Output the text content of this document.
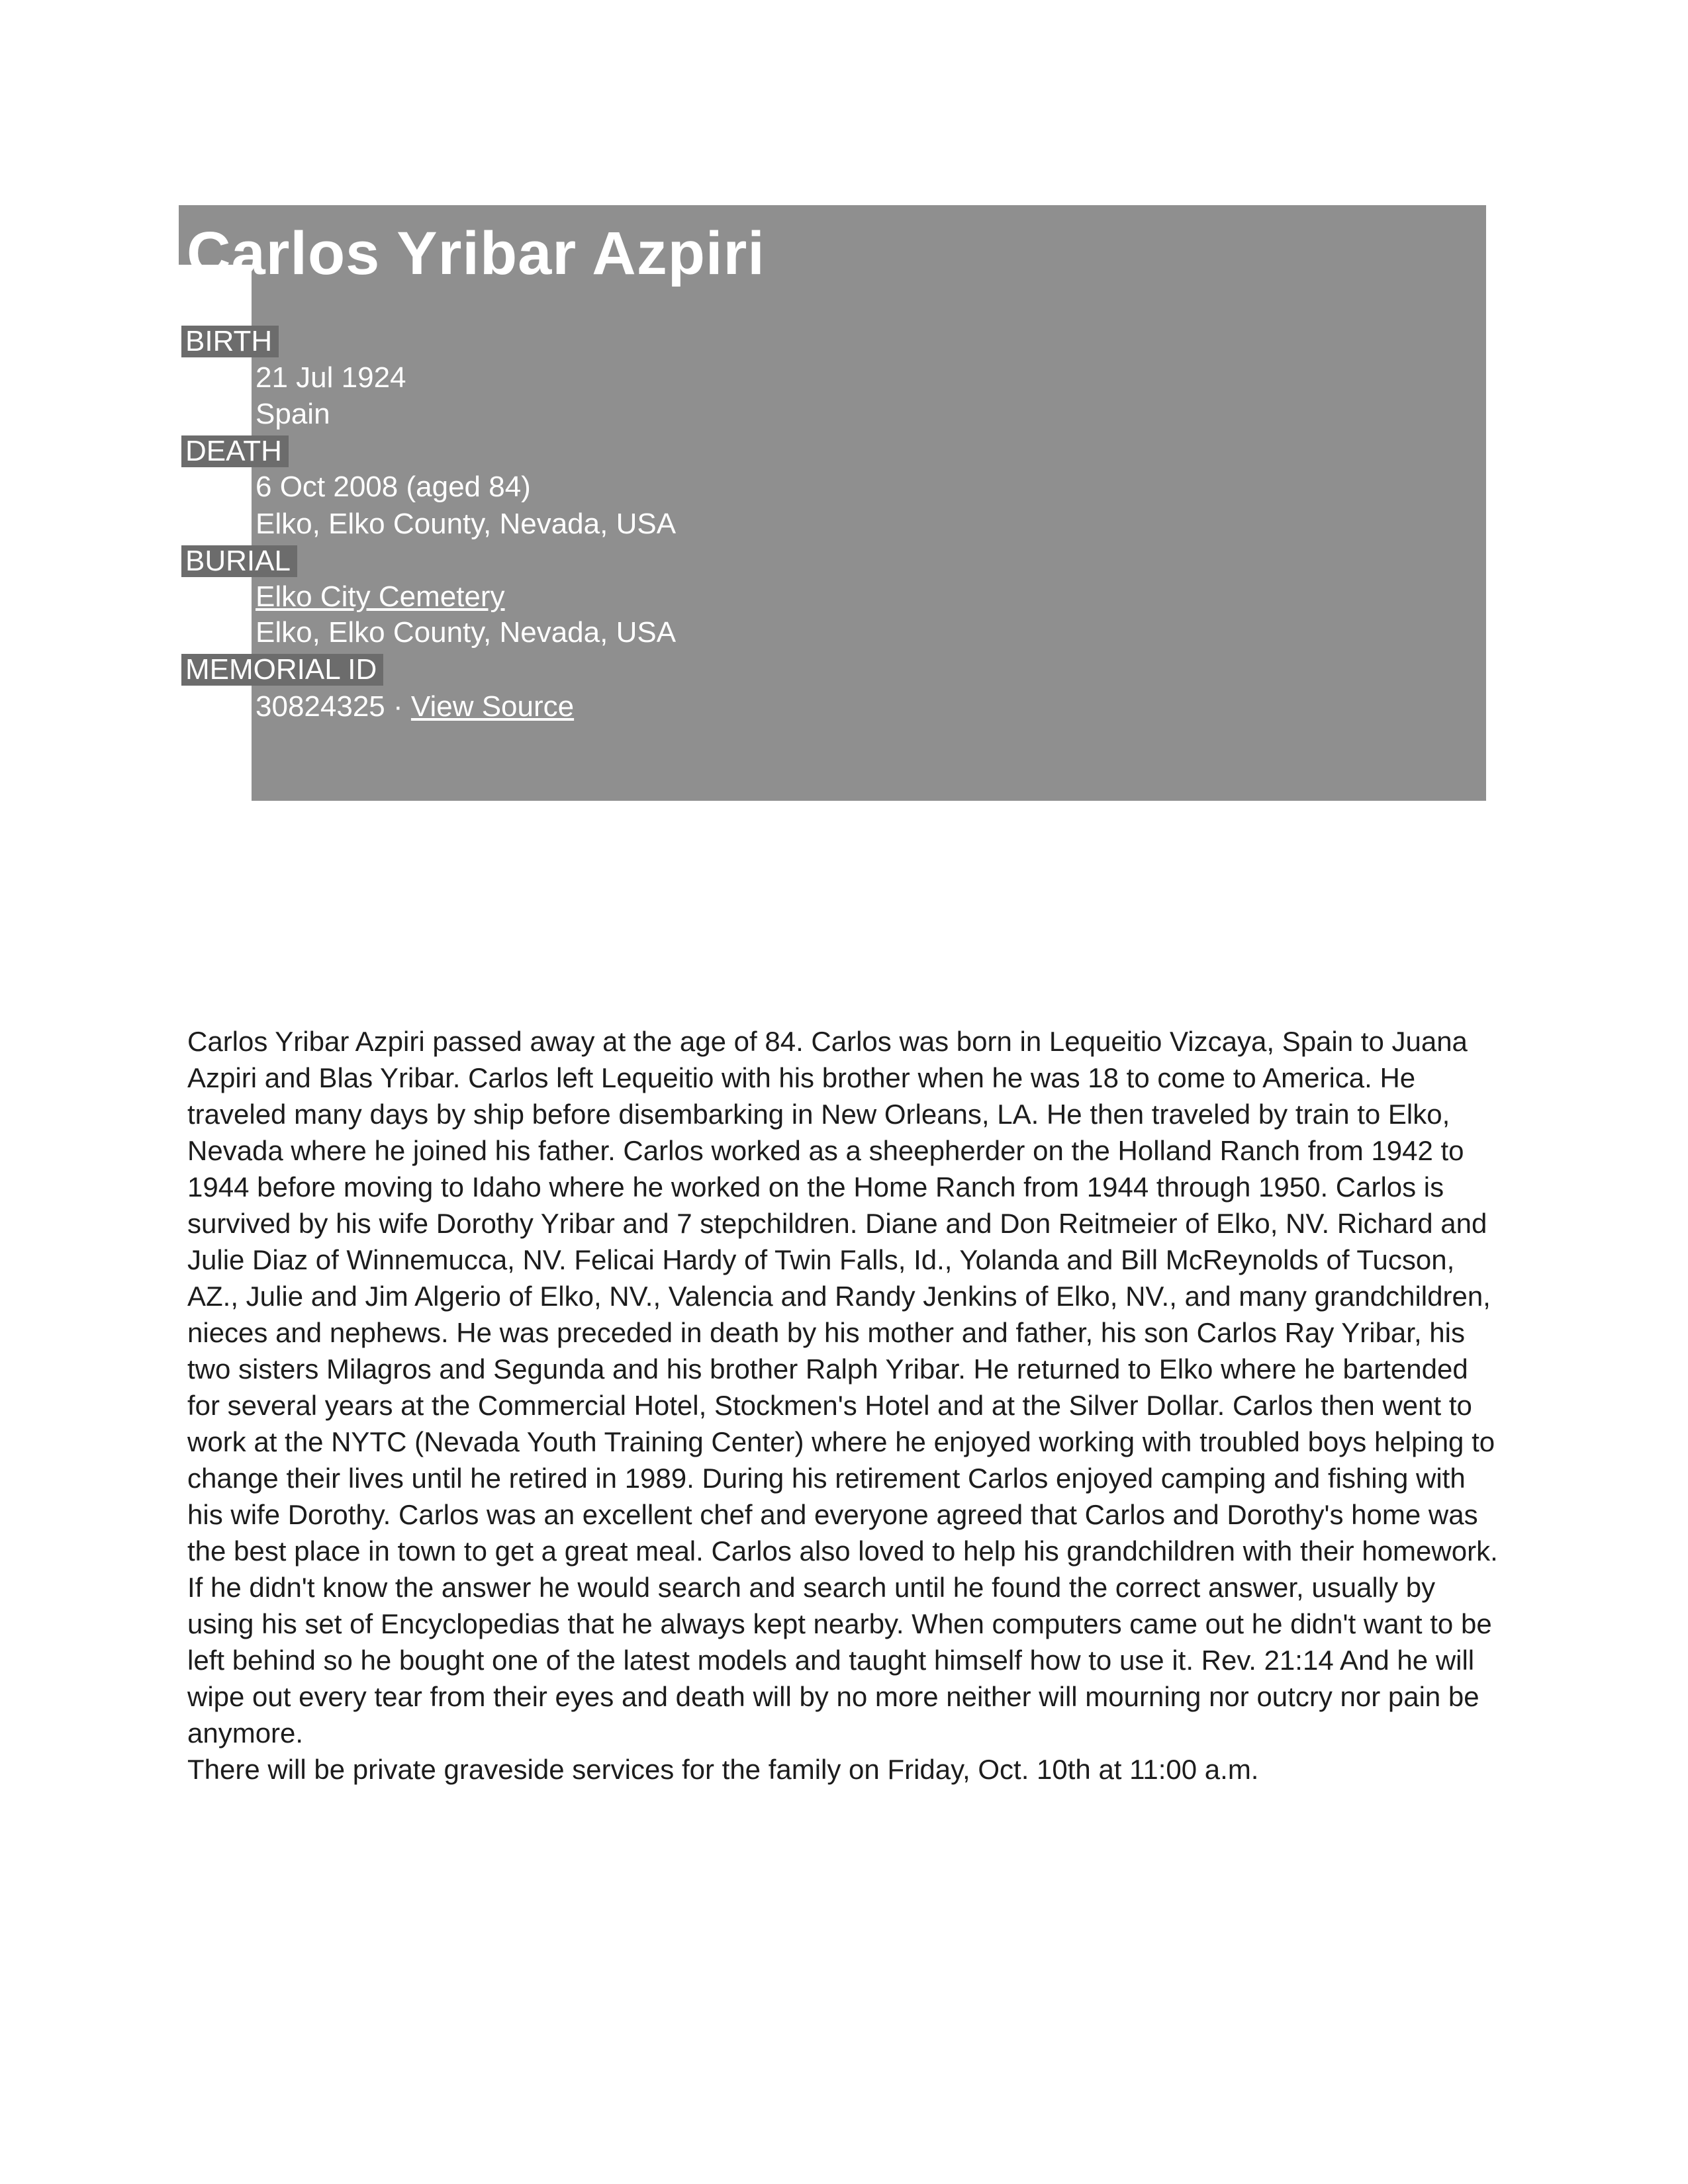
Carlos Yribar Azpiri
BIRTH
21 Jul 1924
Spain
DEATH
6 Oct 2008 (aged 84)
Elko, Elko County, Nevada, USA
BURIAL
Elko City Cemetery
Elko, Elko County, Nevada, USA
MEMORIAL ID
30824325 · View Source

Carlos Yribar Azpiri passed away at the age of 84. Carlos was born in Lequeitio Vizcaya, Spain to Juana Azpiri and Blas Yribar. Carlos left Lequeitio with his brother when he was 18 to come to America. He traveled many days by ship before disembarking in New Orleans, LA. He then traveled by train to Elko, Nevada where he joined his father. Carlos worked as a sheepherder on the Holland Ranch from 1942 to 1944 before moving to Idaho where he worked on the Home Ranch from 1944 through 1950. Carlos is survived by his wife Dorothy Yribar and 7 stepchildren. Diane and Don Reitmeier of Elko, NV. Richard and Julie Diaz of Winnemucca, NV. Felicai Hardy of Twin Falls, Id., Yolanda and Bill McReynolds of Tucson, AZ., Julie and Jim Algerio of Elko, NV., Valencia and Randy Jenkins of Elko, NV., and many grandchildren, nieces and nephews. He was preceded in death by his mother and father, his son Carlos Ray Yribar, his two sisters Milagros and Segunda and his brother Ralph Yribar. He returned to Elko where he bartended for several years at the Commercial Hotel, Stockmen's Hotel and at the Silver Dollar. Carlos then went to work at the NYTC (Nevada Youth Training Center) where he enjoyed working with troubled boys helping to change their lives until he retired in 1989. During his retirement Carlos enjoyed camping and fishing with his wife Dorothy. Carlos was an excellent chef and everyone agreed that Carlos and Dorothy's home was the best place in town to get a great meal. Carlos also loved to help his grandchildren with their homework. If he didn't know the answer he would search and search until he found the correct answer, usually by using his set of Encyclopedias that he always kept nearby. When computers came out he didn't want to be left behind so he bought one of the latest models and taught himself how to use it. Rev. 21:14 And he will wipe out every tear from their eyes and death will by no more neither will mourning nor outcry nor pain be anymore.

There will be private graveside services for the family on Friday, Oct. 10th at 11:00 a.m.
